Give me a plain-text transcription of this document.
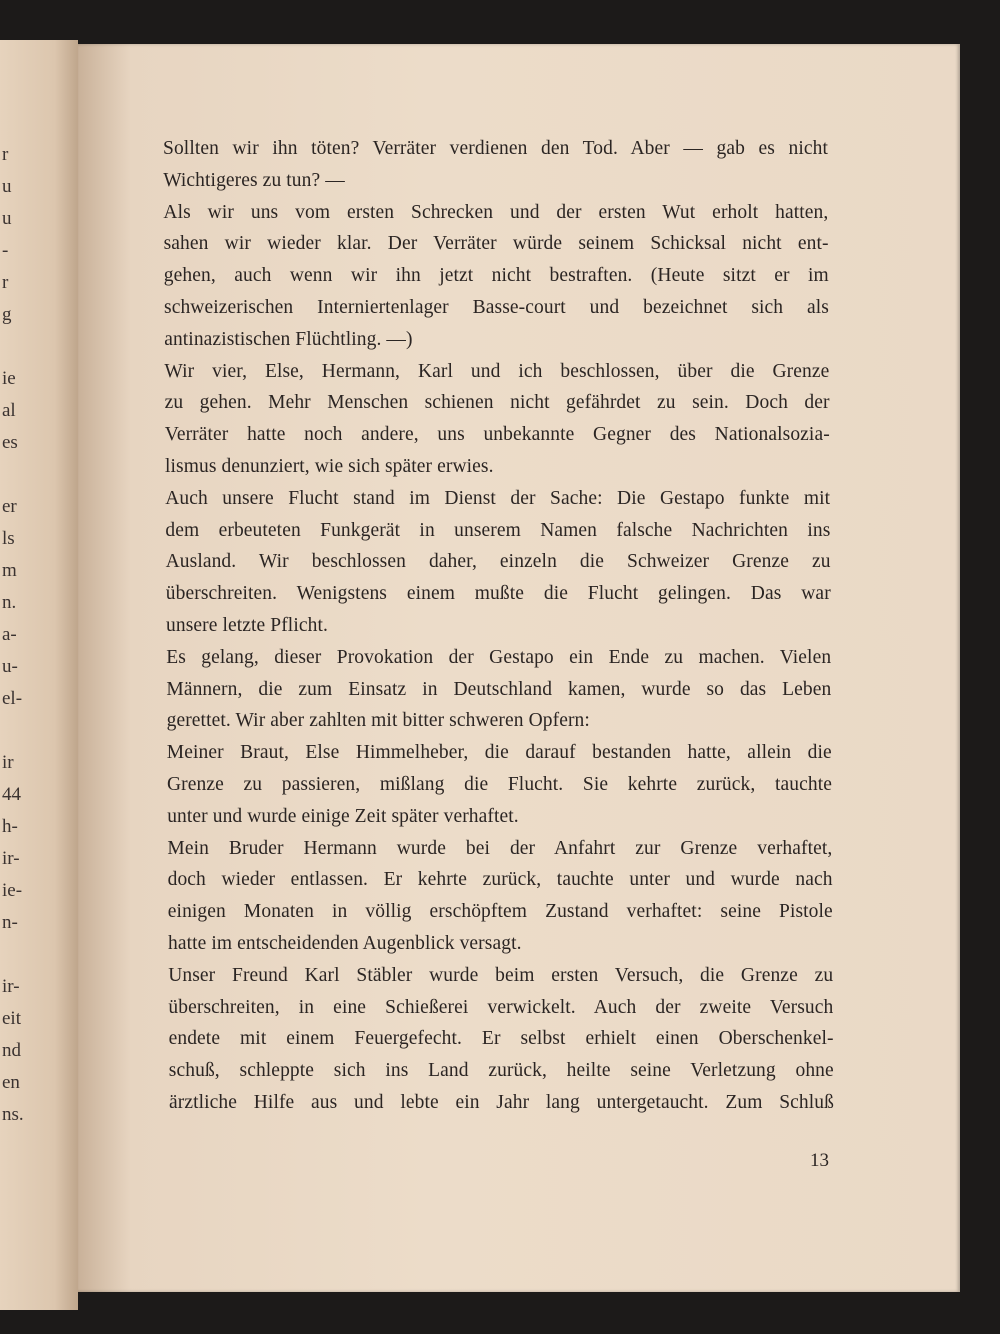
r
u
u
-
r
g
ie
al
es
er
ls
m
n.
a-
u-
el-
ir
44
h-
ir-
ie-
n-
ir-
eit
nd
en
ns.
Sollten wir ihn töten? Verräter verdienen den Tod. Aber — gab es nicht
Wichtigeres zu tun? —
Als wir uns vom ersten Schrecken und der ersten Wut erholt hatten,
sahen wir wieder klar. Der Verräter würde seinem Schicksal nicht ent-
gehen, auch wenn wir ihn jetzt nicht bestraften. (Heute sitzt er im
schweizerischen Interniertenlager Basse-court und bezeichnet sich als
antinazistischen Flüchtling. —)
Wir vier, Else, Hermann, Karl und ich beschlossen, über die Grenze
zu gehen. Mehr Menschen schienen nicht gefährdet zu sein. Doch der
Verräter hatte noch andere, uns unbekannte Gegner des Nationalsozia-
lismus denunziert, wie sich später erwies.
Auch unsere Flucht stand im Dienst der Sache: Die Gestapo funkte mit
dem erbeuteten Funkgerät in unserem Namen falsche Nachrichten ins
Ausland. Wir beschlossen daher, einzeln die Schweizer Grenze zu
überschreiten. Wenigstens einem mußte die Flucht gelingen. Das war
unsere letzte Pflicht.
Es gelang, dieser Provokation der Gestapo ein Ende zu machen. Vielen
Männern, die zum Einsatz in Deutschland kamen, wurde so das Leben
gerettet. Wir aber zahlten mit bitter schweren Opfern:
Meiner Braut, Else Himmelheber, die darauf bestanden hatte, allein die
Grenze zu passieren, mißlang die Flucht. Sie kehrte zurück, tauchte
unter und wurde einige Zeit später verhaftet.
Mein Bruder Hermann wurde bei der Anfahrt zur Grenze verhaftet,
doch wieder entlassen. Er kehrte zurück, tauchte unter und wurde nach
einigen Monaten in völlig erschöpftem Zustand verhaftet: seine Pistole
hatte im entscheidenden Augenblick versagt.
Unser Freund Karl Stäbler wurde beim ersten Versuch, die Grenze zu
überschreiten, in eine Schießerei verwickelt. Auch der zweite Versuch
endete mit einem Feuergefecht. Er selbst erhielt einen Oberschenkel-
schuß, schleppte sich ins Land zurück, heilte seine Verletzung ohne
ärztliche Hilfe aus und lebte ein Jahr lang untergetaucht. Zum Schluß
13
